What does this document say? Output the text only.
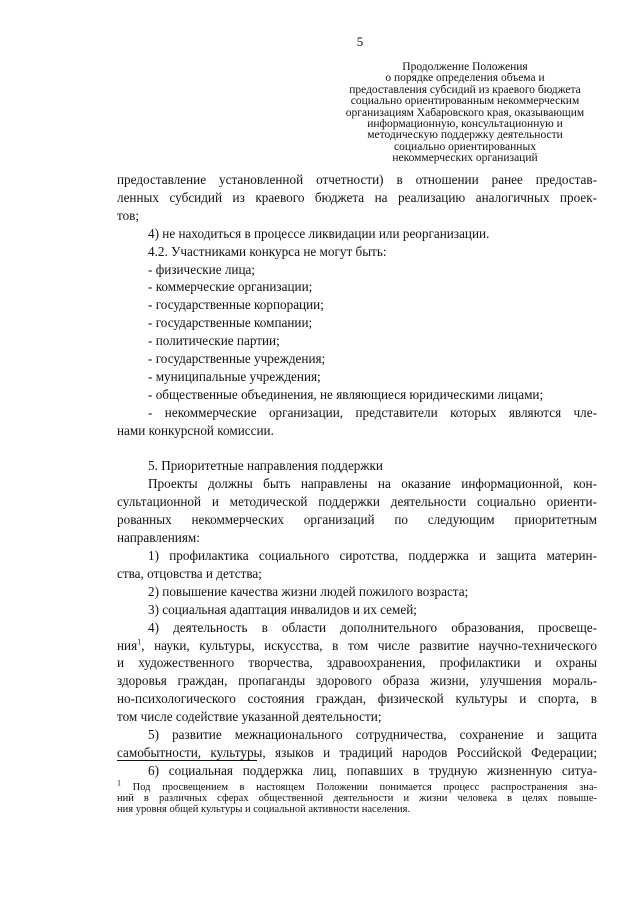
5
Продолжение Положения
о порядке определения объема и
предоставления субсидий из краевого бюджета
социально ориентированным некоммерческим
организациям Хабаровского края, оказывающим
информационную, консультационную и
методическую поддержку деятельности
социально ориентированных
некоммерческих организаций
предоставление установленной отчетности) в отношении ранее предостав-
ленных субсидий из краевого бюджета на реализацию аналогичных проек-
тов;
4) не находиться в процессе ликвидации или реорганизации.
4.2. Участниками конкурса не могут быть:
- физические лица;
- коммерческие организации;
- государственные корпорации;
- государственные компании;
- политические партии;
- государственные учреждения;
- муниципальные учреждения;
- общественные объединения, не являющиеся юридическими лицами;
- некоммерческие организации, представители которых являются чле-
нами конкурсной комиссии.
5. Приоритетные направления поддержки
Проекты должны быть направлены на оказание информационной, кон-
сультационной и методической поддержки деятельности социально ориенти-
рованных некоммерческих организаций по следующим приоритетным
направлениям:
1) профилактика социального сиротства, поддержка и защита материн-
ства, отцовства и детства;
2) повышение качества жизни людей пожилого возраста;
3) социальная адаптация инвалидов и их семей;
4) деятельность в области дополнительного образования, просвеще-
ния$^1$, науки, культуры, искусства, в том числе развитие научно-технического
и художественного творчества, здравоохранения, профилактики и охраны
здоровья граждан, пропаганды здорового образа жизни, улучшения мораль-
но-психологического состояния граждан, физической культуры и спорта, в
том числе содействие указанной деятельности;
5) развитие межнационального сотрудничества, сохранение и защита
самобытности, культуры, языков и традиций народов Российской Федерации;
6) социальная поддержка лиц, попавших в трудную жизненную ситуа-
$^1$ Под просвещением в настоящем Положении понимается процесс распространения зна-
ний в различных сферах общественной деятельности и жизни человека в целях повыше-
ния уровня общей культуры и социальной активности населения.
